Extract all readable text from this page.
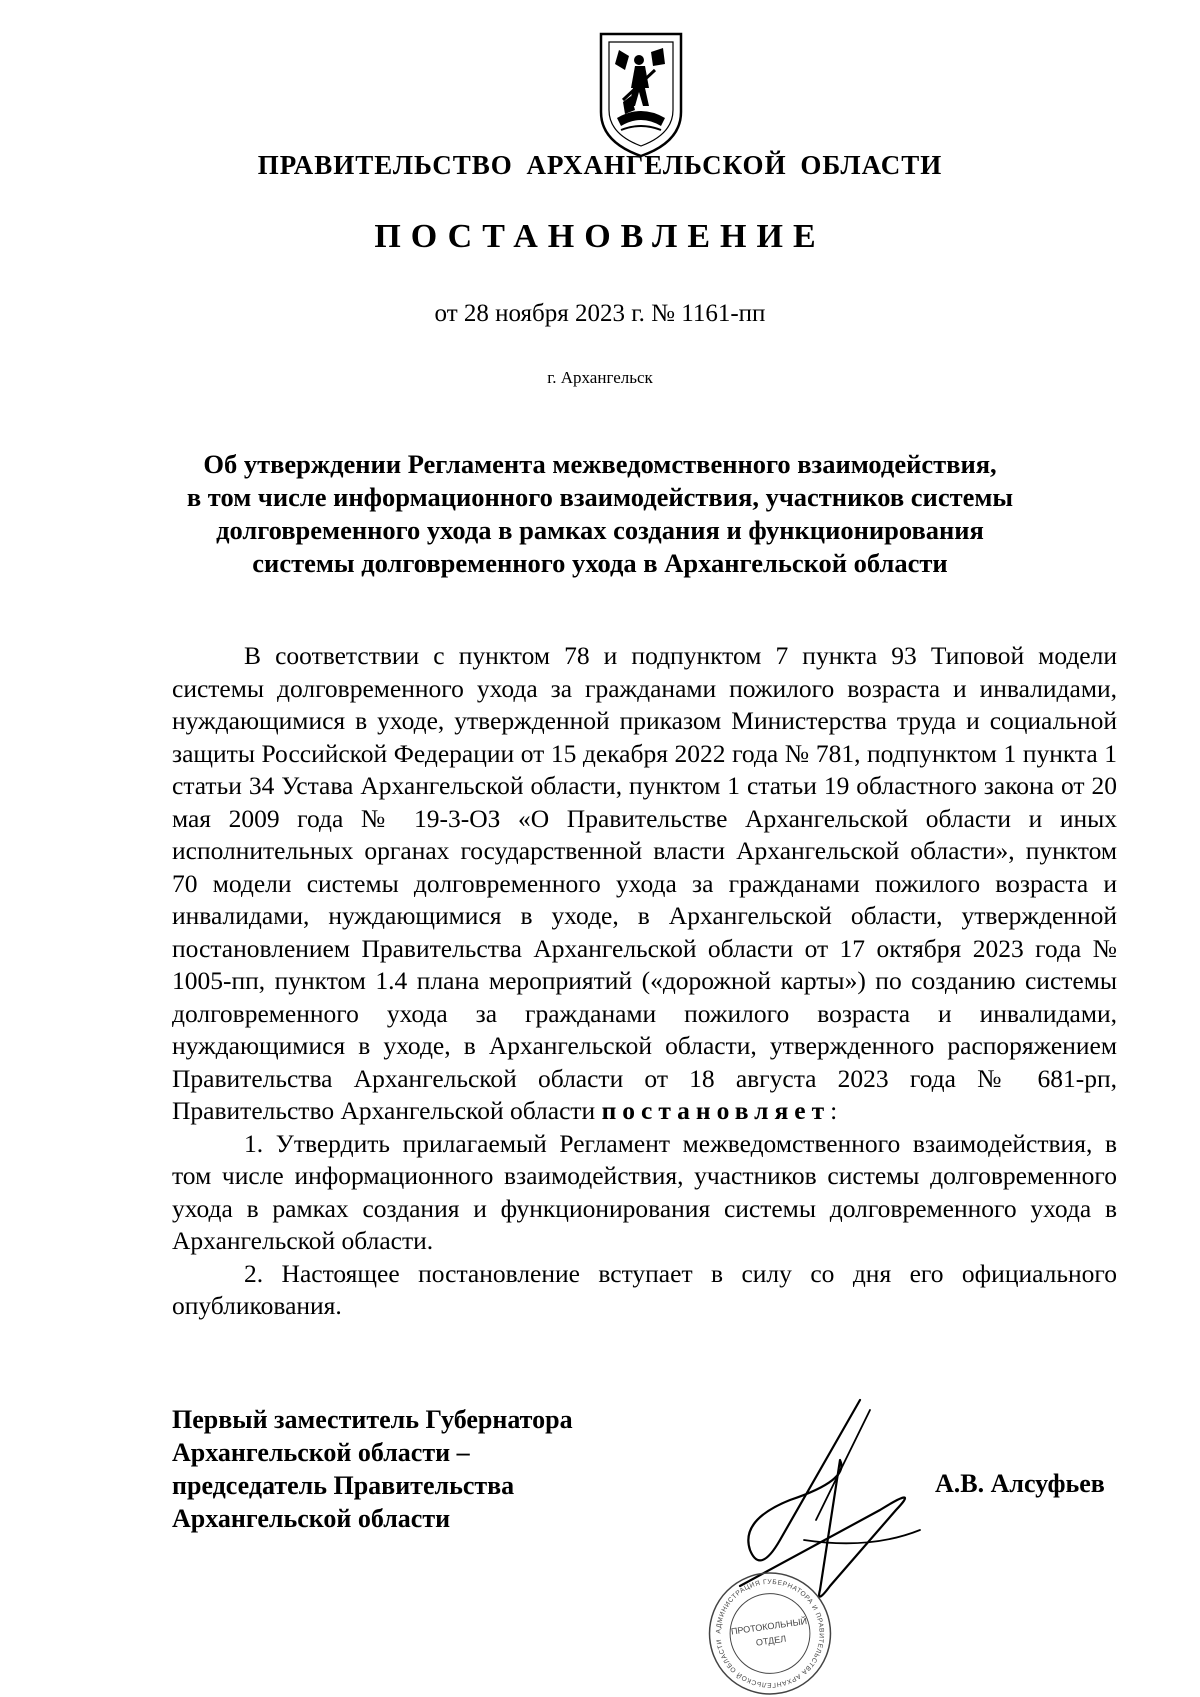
ПРАВИТЕЛЬСТВО АРХАНГЕЛЬСКОЙ ОБЛАСТИ
ПОСТАНОВЛЕНИЕ
от 28 ноября 2023 г. № 1161-пп
г. Архангельск
Об утверждении Регламента межведомственного взаимодействия,
в том числе информационного взаимодействия, участников системы
долговременного ухода в рамках создания и функционирования
системы долговременного ухода в Архангельской области

В соответствии с пунктом 78 и подпунктом 7 пункта 93 Типовой модели системы долговременного ухода за гражданами пожилого возраста и инвалидами, нуждающимися в уходе, утвержденной приказом Министерства труда и социальной защиты Российской Федерации от 15 декабря 2022 года № 781, подпунктом 1 пункта 1 статьи 34 Устава Архангельской области, пунктом 1 статьи 19 областного закона от 20 мая 2009 года № 19-3-ОЗ «О Правительстве Архангельской области и иных исполнительных органах государственной власти Архангельской области», пунктом 70 модели системы долговременного ухода за гражданами пожилого возраста и инвалидами, нуждающимися в уходе, в Архангельской области, утвержденной постановлением Правительства Архангельской области от 17 октября 2023 года № 1005-пп, пунктом 1.4 плана мероприятий («дорожной карты») по созданию системы долговременного ухода за гражданами пожилого возраста и инвалидами, нуждающимися в уходе, в Архангельской области, утвержденного распоряжением Правительства Архангельской области от 18 августа 2023 года № 681-рп, Правительство Архангельской области постановляет:

1. Утвердить прилагаемый Регламент межведомственного взаимодействия, в том числе информационного взаимодействия, участников системы долговременного ухода в рамках создания и функционирования системы долговременного ухода в Архангельской области.

2. Настоящее постановление вступает в силу со дня его официального опубликования.

Первый заместитель Губернатора
Архангельской области –
председатель Правительства
Архангельской области
А.В. Алсуфьев
АДМИНИСТРАЦИЯ ГУБЕРНАТОРА И ПРАВИТЕЛЬСТВА АРХАНГЕЛЬСКОЙ ОБЛАСТИ
ПРОТОКОЛЬНЫЙ
ОТДЕЛ
